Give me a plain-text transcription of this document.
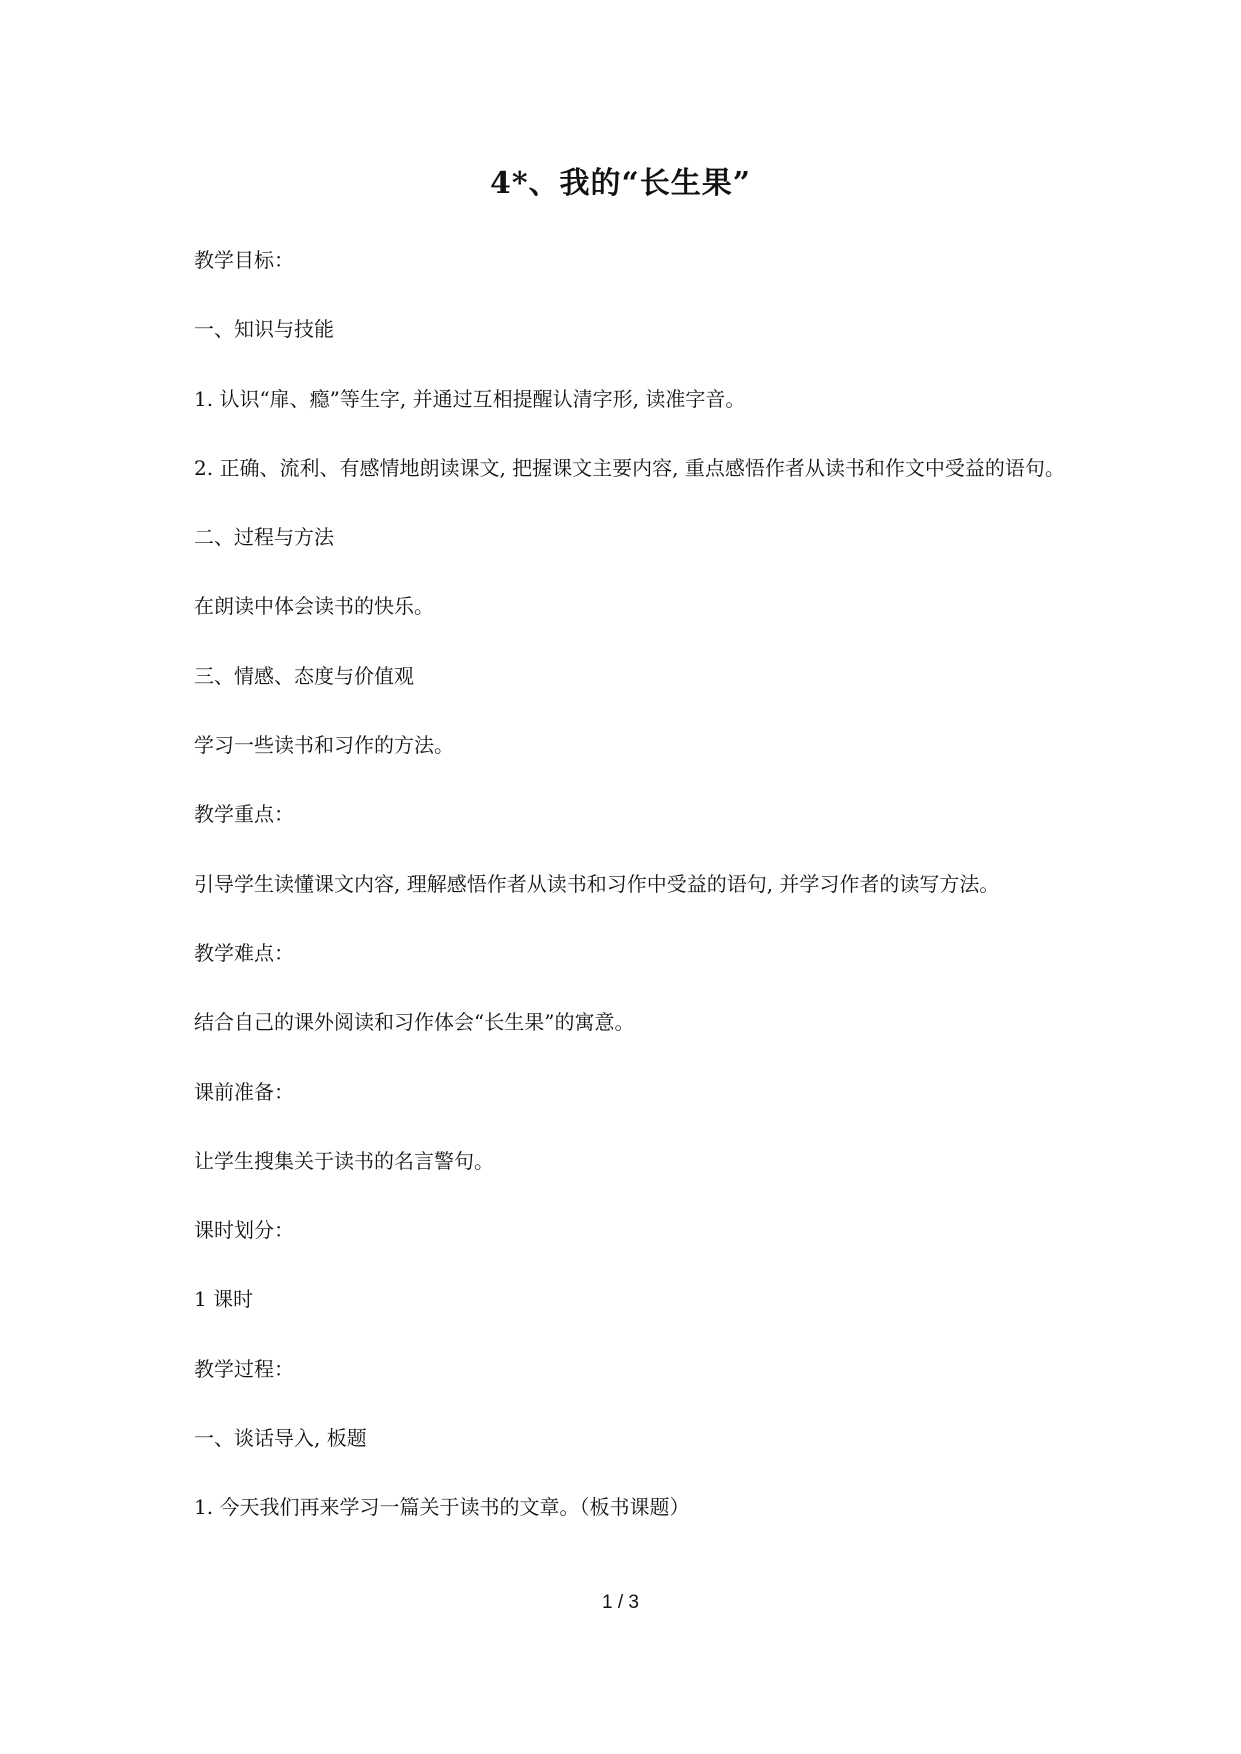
4*、我的“长生果”

教学目标：

一、知识与技能

1. 认识“扉、瘾”等生字, 并通过互相提醒认清字形, 读准字音。

2. 正确、流利、有感情地朗读课文, 把握课文主要内容, 重点感悟作者从读书和作文中受益的语句。

二、过程与方法

在朗读中体会读书的快乐。

三、情感、态度与价值观

学习一些读书和习作的方法。

教学重点：

引导学生读懂课文内容, 理解感悟作者从读书和习作中受益的语句, 并学习作者的读写方法。

教学难点：

结合自己的课外阅读和习作体会“长生果”的寓意。

课前准备：

让学生搜集关于读书的名言警句。

课时划分：

1 课时

教学过程：

一、谈话导入, 板题

1. 今天我们再来学习一篇关于读书的文章。（板书课题）

1 / 3
